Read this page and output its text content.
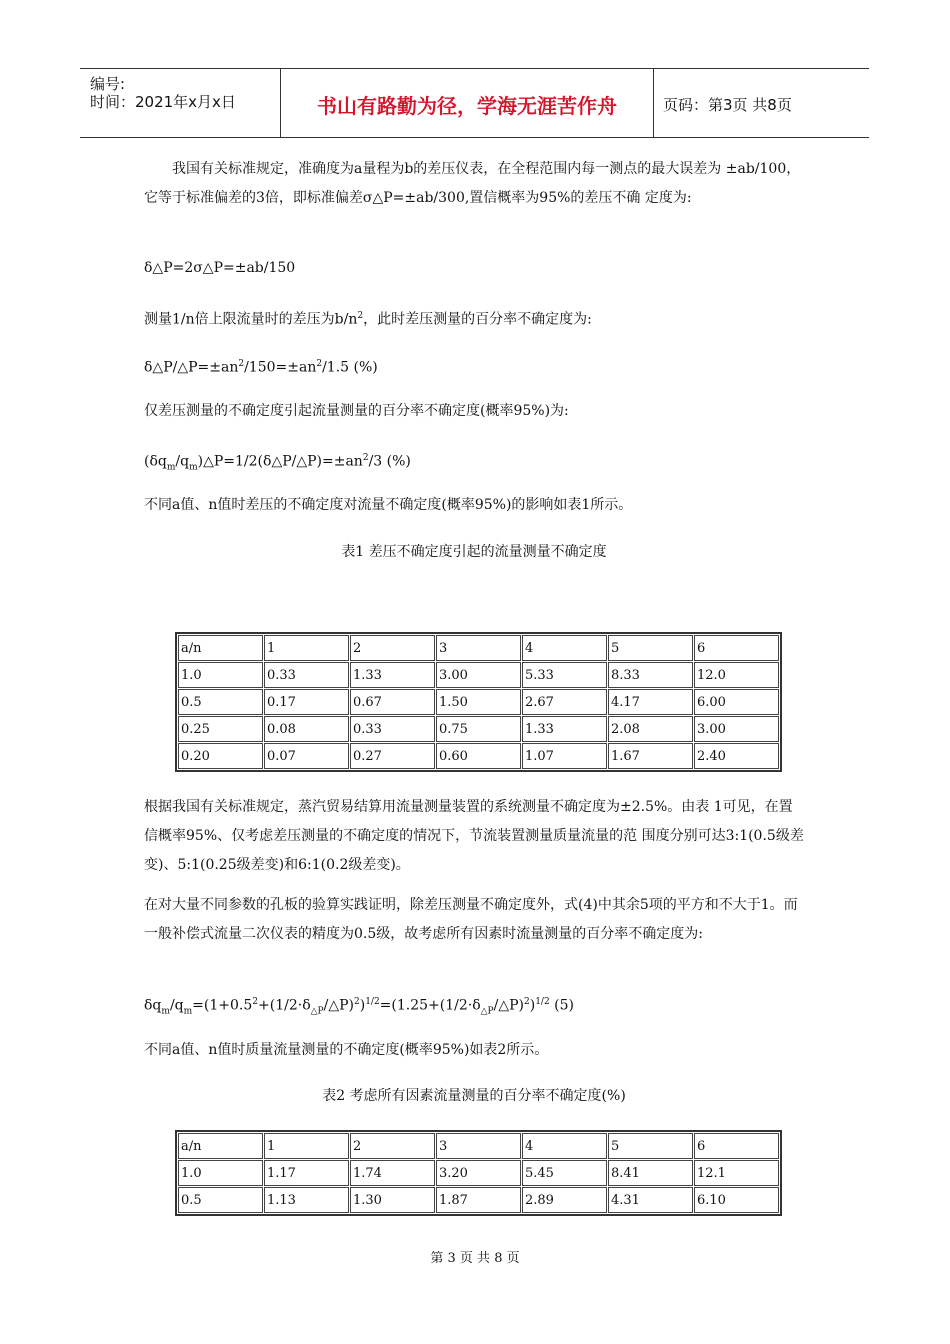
编号:
时间：2021年x月x日	书山有路勤为径，学海无涯苦作舟	页码：第3页 共8页

我国有关标准规定，准确度为a量程为b的差压仪表，在全程范围内每一测点的最大误差为 ±ab/100，它等于标准偏差的3倍，即标准偏差σ△P=±ab/300,置信概率为95%的差压不确 定度为:

δ△P=2σ△P=±ab/150

测量1/n倍上限流量时的差压为$b/n^2$，此时差压测量的百分率不确定度为:

$\delta\triangle P/\triangle P=\pm an^2/150=\pm an^2/1.5$ (%)

仅差压测量的不确定度引起流量测量的百分率不确定度(概率95%)为:

$(\delta q_m/q_m)\triangle P=1/2(\delta\triangle P/\triangle P)=\pm an^2/3$ (%)

不同a值、n值时差压的不确定度对流量不确定度(概率95%)的影响如表1所示。

表1 差压不确定度引起的流量测量不确定度

a/n	1	2	3	4	5	6
1.0	0.33	1.33	3.00	5.33	8.33	12.0
0.5	0.17	0.67	1.50	2.67	4.17	6.00
0.25	0.08	0.33	0.75	1.33	2.08	3.00
0.20	0.07	0.27	0.60	1.07	1.67	2.40

根据我国有关标准规定，蒸汽贸易结算用流量测量装置的系统测量不确定度为±2.5%。由表 1可见，在置信概率95%、仅考虑差压测量的不确定度的情况下，节流装置测量质量流量的范 围度分别可达3:1(0.5级差变)、5:1(0.25级差变)和6:1(0.2级差变)。

在对大量不同参数的孔板的验算实践证明，除差压测量不确定度外，式(4)中其余5项的平方和不大于1。而一般补偿式流量二次仪表的精度为0.5级，故考虑所有因素时流量测量的百分率不确定度为:

$\delta q_m/q_m=(1+0.5^2+(1/2\cdot\delta_{\triangle P}/\triangle P)^2)^{1/2}=(1.25+(1/2\cdot\delta_{\triangle P}/\triangle P)^2)^{1/2}$ (5)

不同a值、n值时质量流量测量的不确定度(概率95%)如表2所示。

表2 考虑所有因素流量测量的百分率不确定度(%)

a/n	1	2	3	4	5	6
1.0	1.17	1.74	3.20	5.45	8.41	12.1
0.5	1.13	1.30	1.87	2.89	4.31	6.10
第 3 页 共 8 页
